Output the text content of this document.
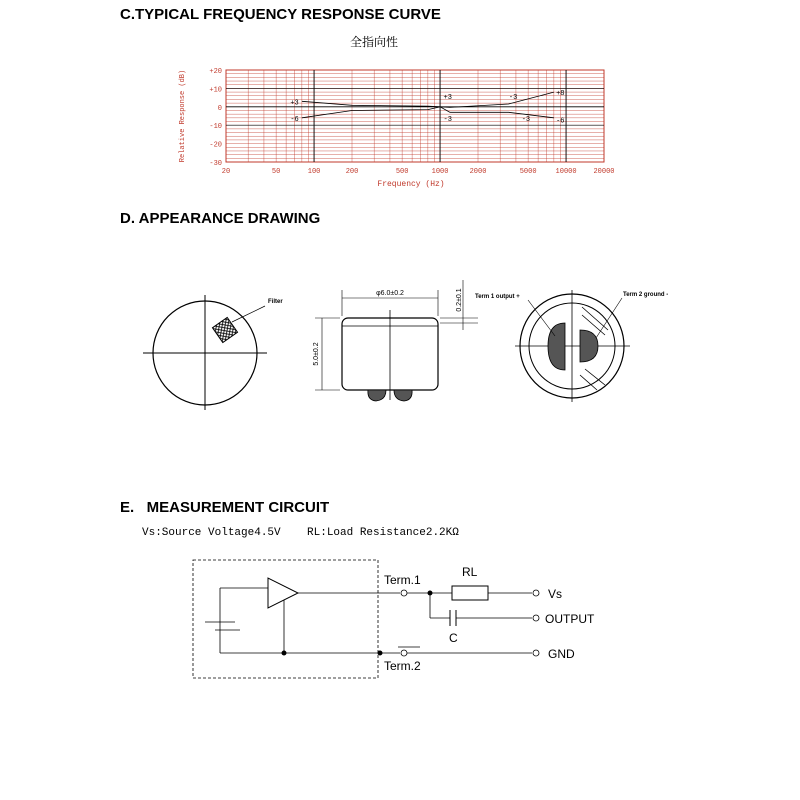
C.TYPICAL FREQUENCY RESPONSE CURVE
全指向性
+20
+10
0
-10
-20
-30
20	50	100	200	500	1000	2000	5000	10000 20000
+3
-6
+3
-3
-3	+8
-3	-6
Relative Response (dB)
Frequency (Hz)
D. APPEARANCE DRAWING
Filter
φ6.0±0.2
5.0±0.2
0.2±0.1 Term 1 output +	Term 2 ground -
E.   MEASUREMENT CIRCUIT
Vs:Source Voltage4.5V    RL:Load Resistance2.2KΩ
Term.1
Term.2
RL
C
Vs
OUTPUT
GND
